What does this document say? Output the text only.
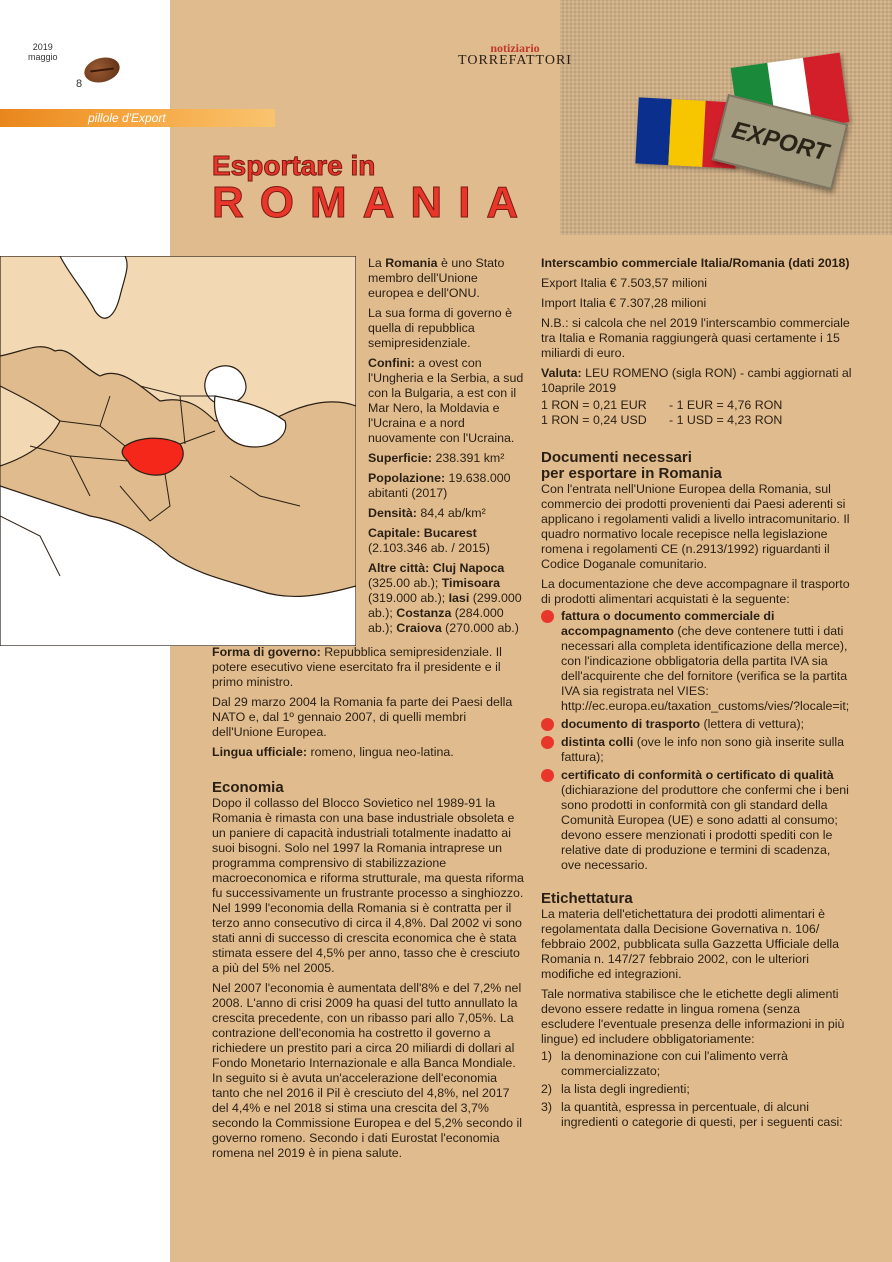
2019
maggio
8
pillole d'Export
notiziario
TORREFATTORI
Esportare in
ROMANIA
EXPORT

La Romania è uno Stato membro dell'Unione europea e dell'ONU.

La sua forma di governo è quella di repubblica semipresidenziale.

Confini: a ovest con l'Ungheria e la Serbia, a sud con la Bulgaria, a est con il Mar Nero, la Moldavia e l'Ucraina e a nord nuovamente con l'Ucraina.

Superficie: 238.391 km²

Popolazione: 19.638.000 abitanti (2017)

Densità: 84,4 ab/km²

Capitale: Bucarest (2.103.346 ab. / 2015)

Altre città: Cluj Napoca (325.00 ab.); Timisoara (319.000 ab.); Iasi (299.000 ab.); Costanza (284.000 ab.); Craiova (270.000 ab.)

Forma di governo: Repubblica semipresidenziale. Il potere esecutivo viene esercitato fra il presidente e il primo ministro.

Dal 29 marzo 2004 la Romania fa parte dei Paesi della NATO e, dal 1º gennaio 2007, di quelli membri dell'Unione Europea.

Lingua ufficiale: romeno, lingua neo-latina.

Economia

Dopo il collasso del Blocco Sovietico nel 1989-91 la Romania è rimasta con una base industriale obsoleta e un paniere di capacità industriali totalmente inadatto ai suoi bisogni. Solo nel 1997 la Romania intraprese un programma comprensivo di stabilizzazione macroeconomica e riforma strutturale, ma questa riforma fu successivamente un frustrante processo a singhiozzo. Nel 1999 l'economia della Romania si è contratta per il terzo anno consecutivo di circa il 4,8%. Dal 2002 vi sono stati anni di successo di crescita economica che è stata stimata essere del 4,5% per anno, tasso che è cresciuto a più del 5% nel 2005.

Nel 2007 l'economia è aumentata dell'8% e del 7,2% nel 2008. L'anno di crisi 2009 ha quasi del tutto annullato la crescita precedente, con un ribasso pari allo 7,05%. La contrazione dell'economia ha costretto il governo a richiedere un prestito pari a circa 20 miliardi di dollari al Fondo Monetario Internazionale e alla Banca Mondiale. In seguito si è avuta un'accelerazione dell'economia tanto che nel 2016 il Pil è cresciuto del 4,8%, nel 2017 del 4,4% e nel 2018 si stima una crescita del 3,7% secondo la Commissione Europea e del 5,2% secondo il governo romeno. Secondo i dati Eurostat l'economia romena nel 2019 è in piena salute.

Interscambio commerciale Italia/Romania (dati 2018)

Export Italia € 7.503,57 milioni

Import Italia € 7.307,28 milioni

N.B.: si calcola che nel 2019 l'interscambio commerciale tra Italia e Romania raggiungerà quasi certamente i 15 miliardi di euro.

Valuta: LEU ROMENO (sigla RON) - cambi aggiornati al 10aprile 2019

1 RON = 0,21 EUR	- 1 EUR = 4,76 RON
1 RON = 0,24 USD	- 1 USD = 4,23 RON
Documenti necessari
per esportare in Romania

Con l'entrata nell'Unione Europea della Romania, sul commercio dei prodotti provenienti dai Paesi aderenti si applicano i regolamenti validi a livello intracomunitario. Il quadro normativo locale recepisce nella legislazione romena i regolamenti CE (n.2913/1992) riguardanti il Codice Doganale comunitario.

La documentazione che deve accompagnare il trasporto di prodotti alimentari acquistati è la seguente:

fattura o documento commerciale di accompagnamento (che deve contenere tutti i dati necessari alla completa identificazione della merce), con l'indicazione obbligatoria della partita IVA sia dell'acquirente che del fornitore (verifica se la partita IVA sia registrata nel VIES: http://ec.europa.eu/taxation_customs/vies/?locale=it;
documento di trasporto (lettera di vettura);
distinta colli (ove le info non sono già inserite sulla fattura);
certificato di conformità o certificato di qualità (dichiarazione del produttore che confermi che i beni sono prodotti in conformità con gli standard della Comunità Europea (UE) e sono adatti al consumo; devono essere menzionati i prodotti spediti con le relative date di produzione e termini di scadenza, ove necessario.
Etichettatura

La materia dell'etichettatura dei prodotti alimentari è regolamentata dalla Decisione Governativa n. 106/ febbraio 2002, pubblicata sulla Gazzetta Ufficiale della Romania n. 147/27 febbraio 2002, con le ulteriori modifiche ed integrazioni.

Tale normativa stabilisce che le etichette degli alimenti devono essere redatte in lingua romena (senza escludere l'eventuale presenza delle informazioni in più lingue) ed includere obbligatoriamente:

1) la denominazione con cui l'alimento verrà commercializzato;
2) la lista degli ingredienti;
3) la quantità, espressa in percentuale, di alcuni ingredienti o categorie di questi, per i seguenti casi:
